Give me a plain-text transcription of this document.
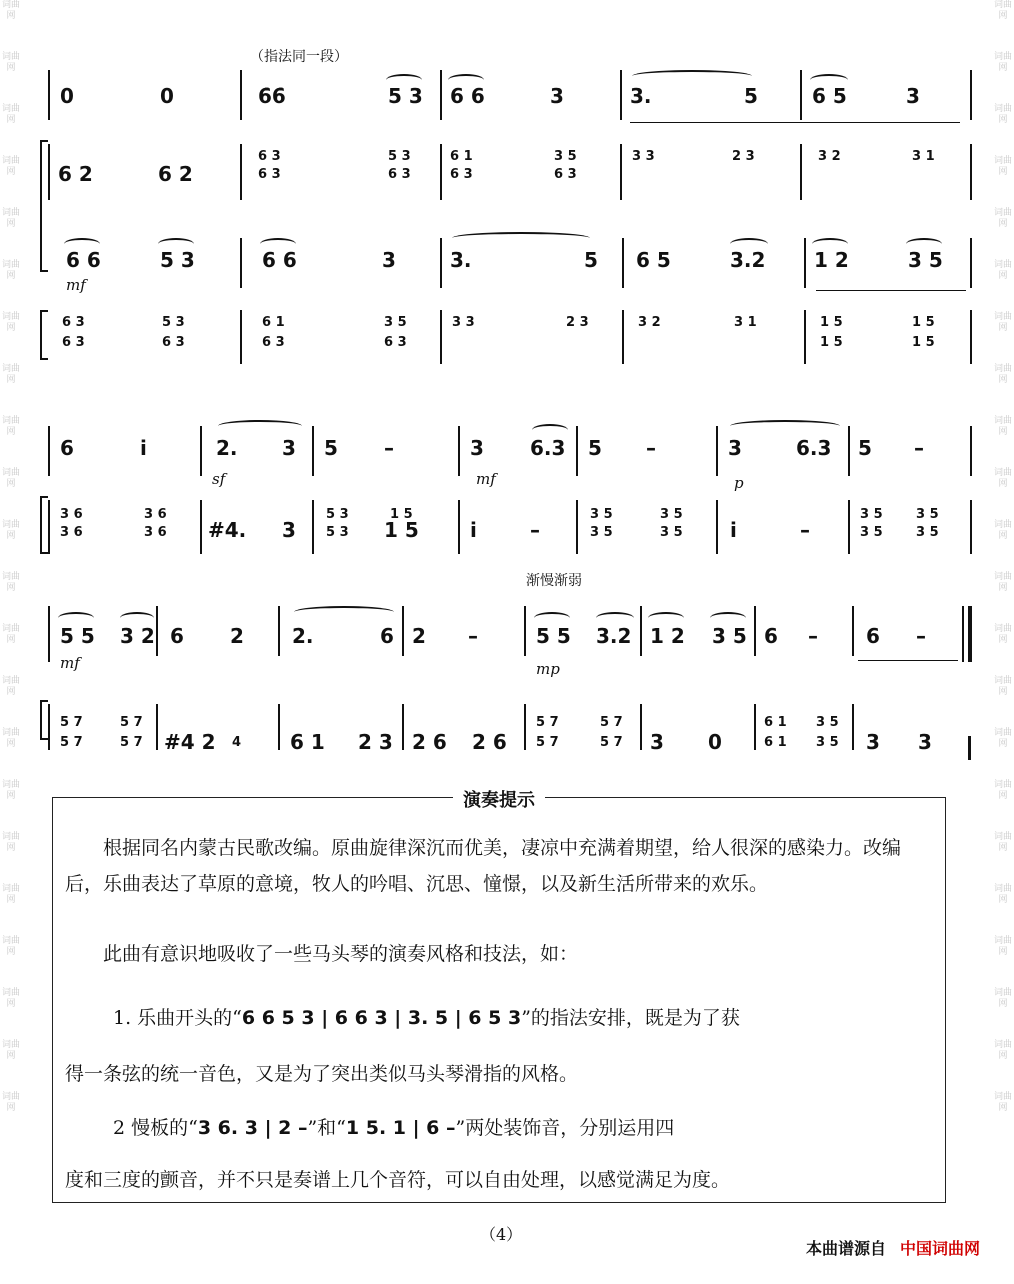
词曲网
词曲网
词曲网
词曲网
词曲网
词曲网
词曲网
词曲网
词曲网
词曲网
词曲网
词曲网
词曲网
词曲网
词曲网
词曲网
词曲网
词曲网
词曲网
词曲网
词曲网
词曲网
词曲网
词曲网
词曲网
词曲网
词曲网
词曲网
词曲网
词曲网
词曲网
词曲网
词曲网
词曲网
词曲网
词曲网
词曲网
词曲网
词曲网
词曲网
词曲网
词曲网
词曲网
词曲网
（指法同一段）
0	0	6̇6̇	5 3 6 6	3	3.	5	6 5	3
6 2	6 2
6 3
6 3
5 3
6 3
6 1
6 3
3 5
6 3
3 3	2 3	3 2	3 1
6 6	5 3	6 6	3	3.	5 6 5	3.2 1 2	3 5
mf
6 3
6 3
5 3
6 3
6 1
6 3
3 5
6 3
3 3	2 3	3 2	3 1	1 5
1 5
1 5
1 5
6	i	2. 3 5 –	3 6.3 5 –	3	6.3 5 –
sf	mf	p
3 6
3 6
3 6
3 6 #4. 3
5 3
5 3
1 5
1 5	i	–
3 5
3 5
3 5
3 5 i	–
3 5
3 5
3 5
3 5
渐慢渐弱
5 5 3 2 6 2 2.	6 2 –	5 5 3.2 1 2 3 5 6 – 6 –
mf	mp
5 7
5 7
5 7
5 7 #4 2 4 6 1 2 3 2 6 2 6
5 7
5 7
5 7
5 7 3 0
6 1
6 1
3 5
3 5 3 3
演奏提示
根据同名内蒙古民歌改编。原曲旋律深沉而优美，凄凉中充满着期望，给人很深的感染力。改编后，乐曲表达了草原的意境，牧人的吟唱、沉思、憧憬，以及新生活所带来的欢乐。
此曲有意识地吸收了一些马头琴的演奏风格和技法，如：
1. 乐曲开头的“6 6 5 3 | 6 6 3 | 3. 5 | 6 5 3”的指法安排，既是为了获
得一条弦的统一音色，又是为了突出类似马头琴滑指的风格。
2 慢板的“3 6. 3 | 2 –”和“1 5. 1 | 6 –”两处装饰音，分别运用四
度和三度的颤音，并不只是奏谱上几个音符，可以自由处理，以感觉满足为度。
（4）
本曲谱源自 中国词曲网
